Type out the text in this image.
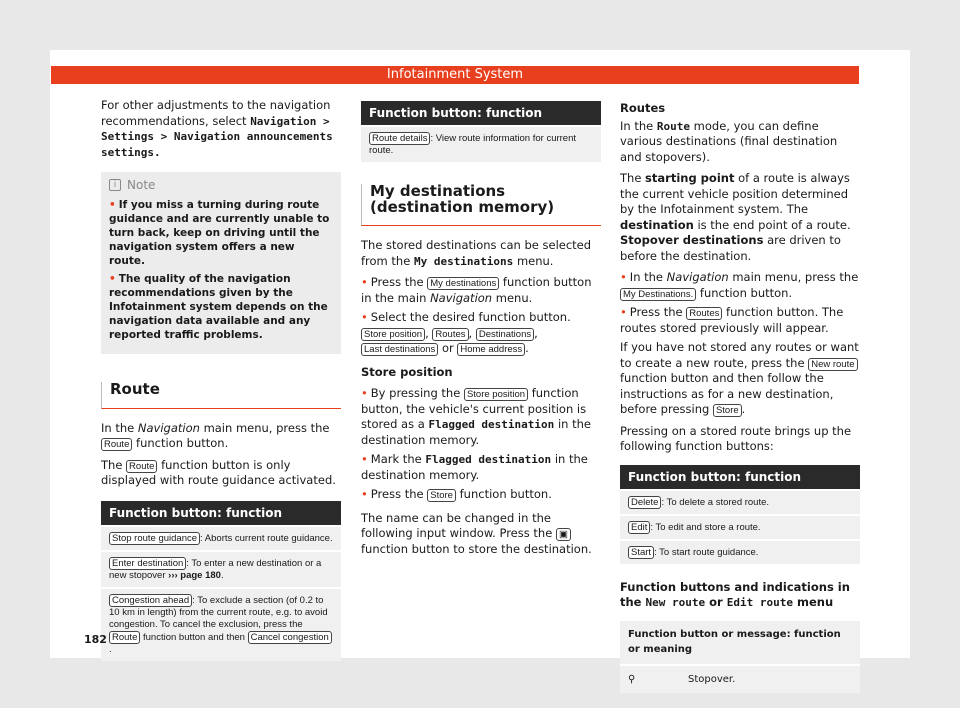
Infotainment System

For other adjustments to the navigation recommendations, select Navigation > Settings > Navigation announcements settings.

i Note
• If you miss a turning during route guidance and are currently unable to turn back, keep on driving until the navigation system offers a new route.
• The quality of the navigation recommendations given by the Infotainment system depends on the navigation data available and any reported traffic problems.
Route

In the Navigation main menu, press the Route function button.

The Route function button is only displayed with route guidance activated.

Function button: function
Stop route guidance : Aborts current route guidance.
Enter destination : To enter a new destination or a new stopover ››› page 180.
Congestion ahead : To exclude a section (of 0.2 to 10 km in length) from the current route, e.g. to avoid congestion. To cancel the exclusion, press the Route function button and then Cancel congestion.
Function button: function
Route details : View route information for current route.
My destinations (destination memory)

The stored destinations can be selected from the My destinations menu.

• Press the My destinations function button in the main Navigation menu.

• Select the desired function button. Store position , Routes , Destinations , Last destinations or Home address .

Store position

• By pressing the Store position function button, the vehicle's current position is stored as a Flagged destination in the destination memory.

• Mark the Flagged destination in the destination memory.

• Press the Store function button.

The name can be changed in the following input window. Press the ▣ function button to store the destination.

Routes

In the Route mode, you can define various destinations (final destination and stopovers).

The starting point of a route is always the current vehicle position determined by the Infotainment system. The destination is the end point of a route. Stopover destinations are driven to before the destination.

• In the Navigation main menu, press the My Destinations. function button.

• Press the Routes function button. The routes stored previously will appear.

If you have not stored any routes or want to create a new route, press the New route function button and then follow the instructions as for a new destination, before pressing Store .

Pressing on a stored route brings up the following function buttons:

Function button: function
Delete : To delete a stored route.
Edit : To edit and store a route.
Start : To start route guidance.

Function buttons and indications in the New route or Edit route menu

Function button or message: function or meaning
⚲	Stopover.
182
